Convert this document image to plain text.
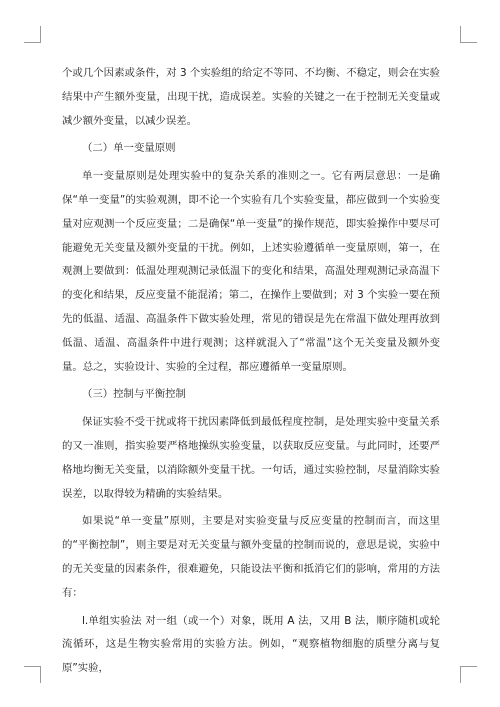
个或几个因素或条件，对 3 个实验组的给定不等同、不均衡、不稳定，则会在实验结果中产生额外变量，出现干扰，造成误差。实验的关键之一在于控制无关变量或减少额外变量，以减少误差。

（二）单一变量原则

单一变量原则是处理实验中的复杂关系的准则之一。它有两层意思：一是确保“单一变量”的实验观测，即不论一个实验有几个实验变量，都应做到一个实验变量对应观测一个反应变量；二是确保“单一变量”的操作规范，即实验操作中要尽可能避免无关变量及额外变量的干扰。例如，上述实验遵循单一变量原则，第一，在观测上要做到：低温处理观测记录低温下的变化和结果，高温处理观测记录高温下的变化和结果，反应变量不能混淆；第二，在操作上要做到；对 3 个实验一要在预先的低温、适温、高温条件下做实验处理，常见的错误是先在常温下做处理再放到低温、适温、高温条件中进行观测；这样就混入了“常温”这个无关变量及额外变量。总之，实验设计、实验的全过程，都应遵循单一变量原则。

（三）控制与平衡控制

保证实验不受干扰或将干扰因素降低到最低程度控制，是处理实验中变量关系的又一准则，指实验要严格地操纵实验变量，以获取反应变量。与此同时，还要严格地均衡无关变量，以消除额外变量干扰。一句话，通过实验控制，尽量消除实验误差，以取得较为精确的实验结果。

如果说“单一变量”原则，主要是对实验变量与反应变量的控制而言，而这里的“平衡控制”，则主要是对无关变量与额外变量的控制而说的，意思是说，实验中的无关变量的因素条件，很难避免，只能设法平衡和抵消它们的影响，常用的方法有：

l.单组实验法 对一组（或一个）对象，既用 A 法，又用 B 法，顺序随机或轮流循环，这是生物实验常用的实验方法。例如，“观察植物细胞的质壁分离与复原”实验，
